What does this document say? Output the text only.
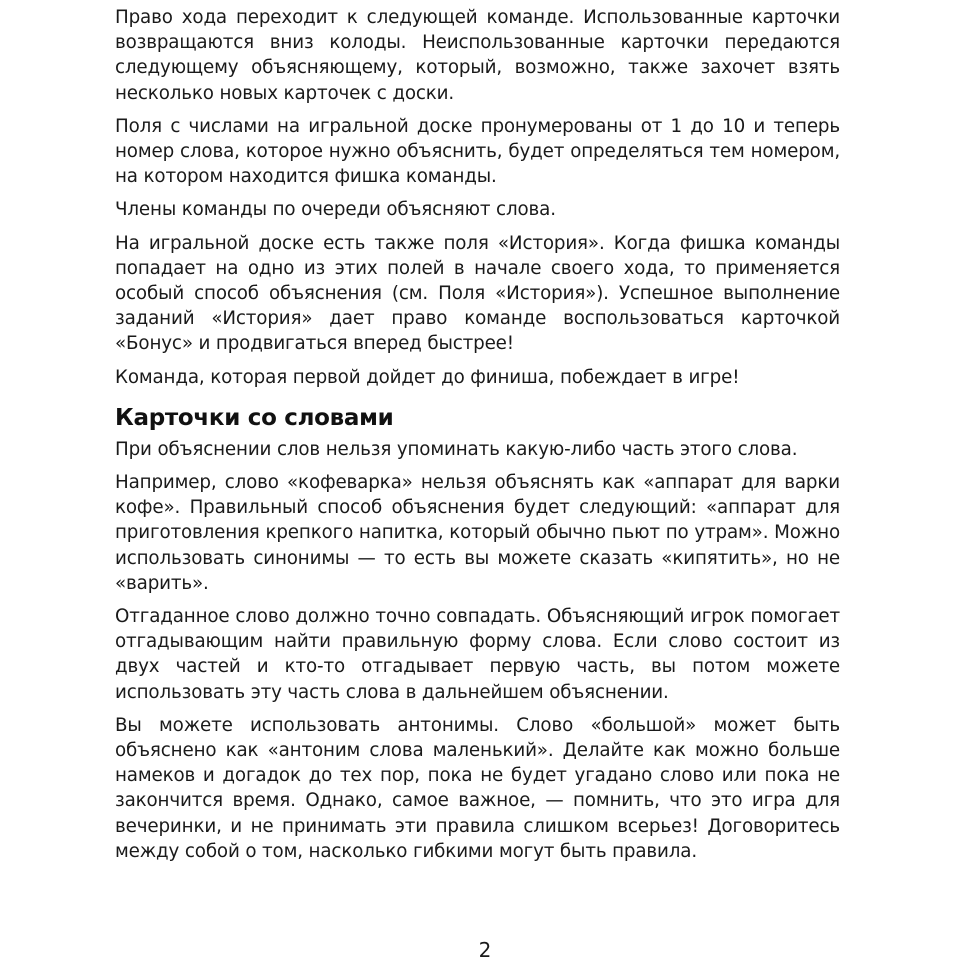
Право хода переходит к следующей команде. Использованные карточки возвращаются вниз колоды. Неиспользованные карточки передаются следующему объясняющему, который, возможно, также захочет взять несколько новых карточек с доски.

Поля с числами на игральной доске пронумерованы от 1 до 10 и теперь номер слова, которое нужно объяснить, будет определяться тем номером, на котором находится фишка команды.

Члены команды по очереди объясняют слова.

На игральной доске есть также поля «История». Когда фишка команды попадает на одно из этих полей в начале своего хода, то применяется особый способ объяснения (см. Поля «История»). Успешное выполнение заданий «История» дает право команде воспользоваться карточкой «Бонус» и продвигаться вперед быстрее!

Команда, которая первой дойдет до финиша, побеждает в игре!

Карточки со словами

При объяснении слов нельзя упоминать какую-либо часть этого слова.

Например, слово «кофеварка» нельзя объяснять как «аппарат для варки кофе». Правильный способ объяснения будет следующий: «аппарат для приготовления крепкого напитка, который обычно пьют по утрам». Можно использовать синонимы — то есть вы можете сказать «кипятить», но не «варить».

Отгаданное слово должно точно совпадать. Объясняющий игрок помогает отгадывающим найти правильную форму слова. Если слово состоит из двух частей и кто-то отгадывает первую часть, вы потом можете использовать эту часть слова в дальнейшем объяснении.

Вы можете использовать антонимы. Слово «большой» может быть объяснено как «антоним слова маленький». Делайте как можно больше намеков и догадок до тех пор, пока не будет угадано слово или пока не закончится время. Однако, самое важное, — помнить, что это игра для вечеринки, и не принимать эти правила слишком всерьез! Договоритесь между собой о том, насколько гибкими могут быть правила.

2
